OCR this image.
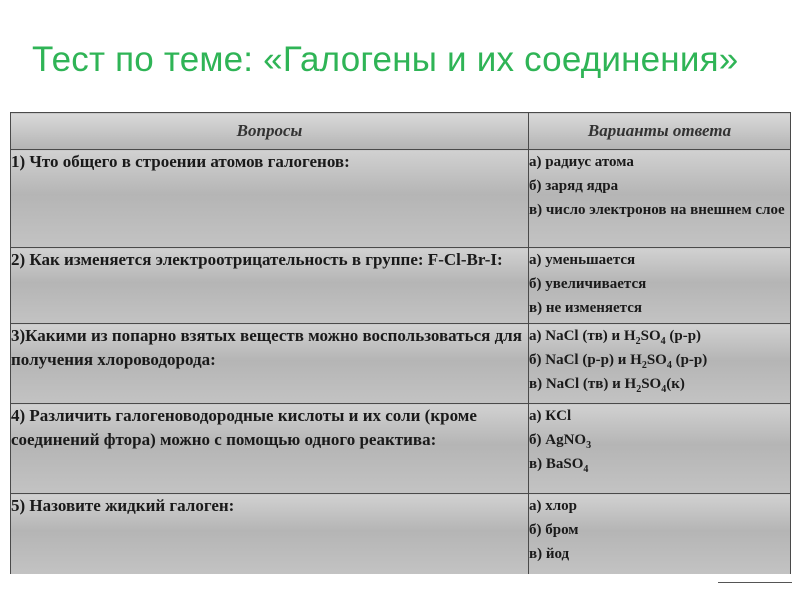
Тест по теме: «Галогены и их соединения»
Вопросы	Варианты ответа
1) Что общего в строении атомов галогенов:	а) радиус атома
б) заряд ядра
в) число электронов на внешнем слое

2) Как изменяется электроотрицательность в группе: F-Cl-Br-I:	а) уменьшается
б) увеличивается
в) не изменяется

3)Какими из попарно взятых веществ можно воспользоваться для получения хлороводорода:	а) NaCl (тв) и $H_2SO_4$ (р-р)
б) NaCl (р-р) и $H_2SO_4$ (р-р)
в) NaCl (тв) и $H_2SO_4(к)$

4) Различить галогеноводородные кислоты и их соли (кроме соединений фтора) можно с помощью одного реактива:	а) КCl
б) AgNO$_3$
в) BaSO$_4$

5) Назовите жидкий галоген:	а) хлор
б) бром
в) йод
